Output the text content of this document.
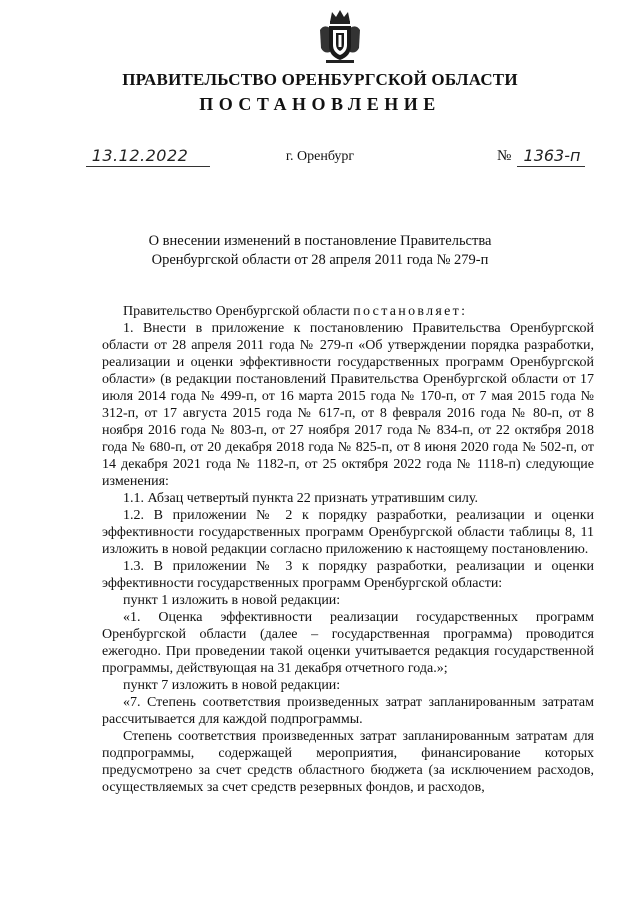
ПРАВИТЕЛЬСТВО ОРЕНБУРГСКОЙ ОБЛАСТИ
ПОСТАНОВЛЕНИЕ
13.12.2022	г. Оренбург	№ 1363-п
О внесении изменений в постановление Правительства
Оренбургской области от 28 апреля 2011 года № 279-п

Правительство Оренбургской области постановляет:

1. Внести в приложение к постановлению Правительства Оренбургской области от 28 апреля 2011 года № 279-п «Об утверждении порядка разработки, реализации и оценки эффективности государственных программ Оренбургской области» (в редакции постановлений Правительства Оренбургской области от 17 июля 2014 года № 499-п, от 16 марта 2015 года № 170-п, от 7 мая 2015 года № 312-п, от 17 августа 2015 года № 617-п, от 8 февраля 2016 года № 80-п, от 8 ноября 2016 года № 803-п, от 27 ноября 2017 года № 834-п, от 22 октября 2018 года № 680-п, от 20 декабря 2018 года № 825-п, от 8 июня 2020 года № 502-п, от 14 декабря 2021 года № 1182-п, от 25 октября 2022 года № 1118-п) следующие изменения:

1.1. Абзац четвертый пункта 22 признать утратившим силу.

1.2. В приложении № 2 к порядку разработки, реализации и оценки эффективности государственных программ Оренбургской области таблицы 8, 11 изложить в новой редакции согласно приложению к настоящему постановлению.

1.3. В приложении № 3 к порядку разработки, реализации и оценки эффективности государственных программ Оренбургской области:

пункт 1 изложить в новой редакции:

«1. Оценка эффективности реализации государственных программ Оренбургской области (далее – государственная программа) проводится ежегодно. При проведении такой оценки учитывается редакция государственной программы, действующая на 31 декабря отчетного года.»;

пункт 7 изложить в новой редакции:

«7. Степень соответствия произведенных затрат запланированным затратам рассчитывается для каждой подпрограммы.

Степень соответствия произведенных затрат запланированным затратам для подпрограммы, содержащей мероприятия, финансирование которых предусмотрено за счет средств областного бюджета (за исключением расходов, осуществляемых за счет средств резервных фондов, и расходов,
